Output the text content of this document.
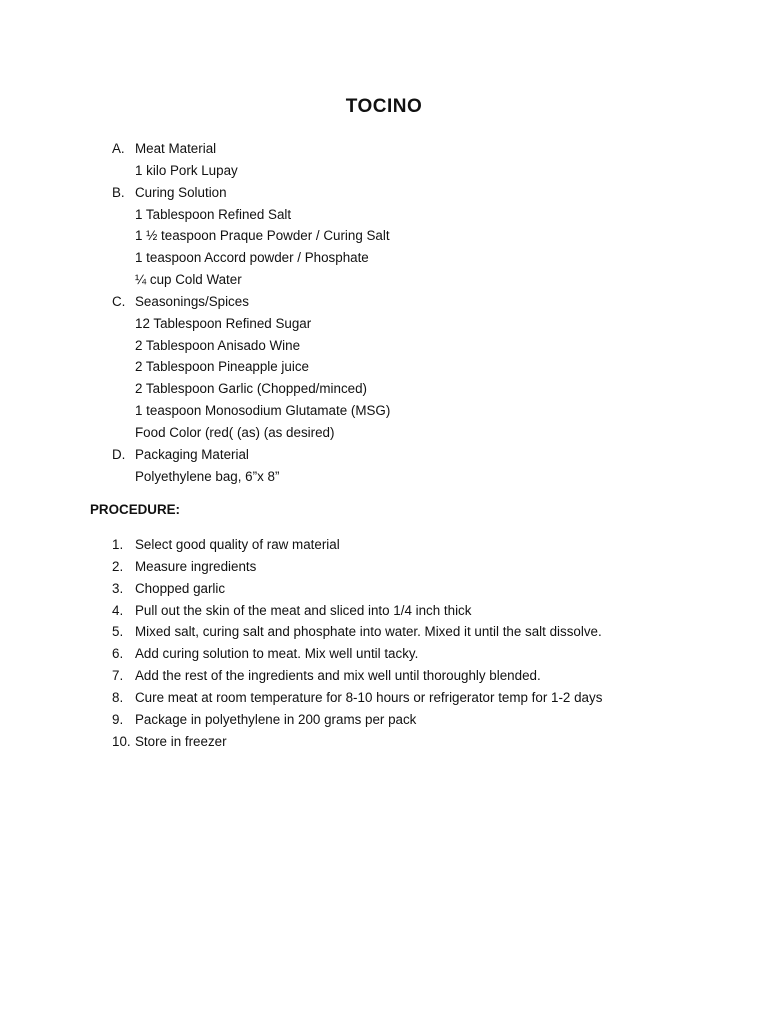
TOCINO
A. Meat Material
1 kilo Pork Lupay
B. Curing Solution
1 Tablespoon Refined Salt
1 ½ teaspoon Praque Powder / Curing Salt
1 teaspoon Accord powder / Phosphate
¼ cup Cold Water
C. Seasonings/Spices
12 Tablespoon Refined Sugar
2 Tablespoon Anisado Wine
2 Tablespoon Pineapple juice
2 Tablespoon Garlic (Chopped/minced)
1 teaspoon Monosodium Glutamate (MSG)
Food Color (red( (as) (as desired)
D. Packaging Material
Polyethylene bag, 6”x 8”
PROCEDURE:
1. Select good quality of raw material
2. Measure ingredients
3. Chopped garlic
4. Pull out the skin of the meat and sliced into 1/4 inch thick
5. Mixed salt, curing salt and phosphate into water. Mixed it until the salt dissolve.
6. Add curing solution to meat. Mix well until tacky.
7. Add the rest of the ingredients and mix well until thoroughly blended.
8. Cure meat at room temperature for 8-10 hours or refrigerator temp for 1-2 days
9. Package in polyethylene in 200 grams per pack
10. Store in freezer
